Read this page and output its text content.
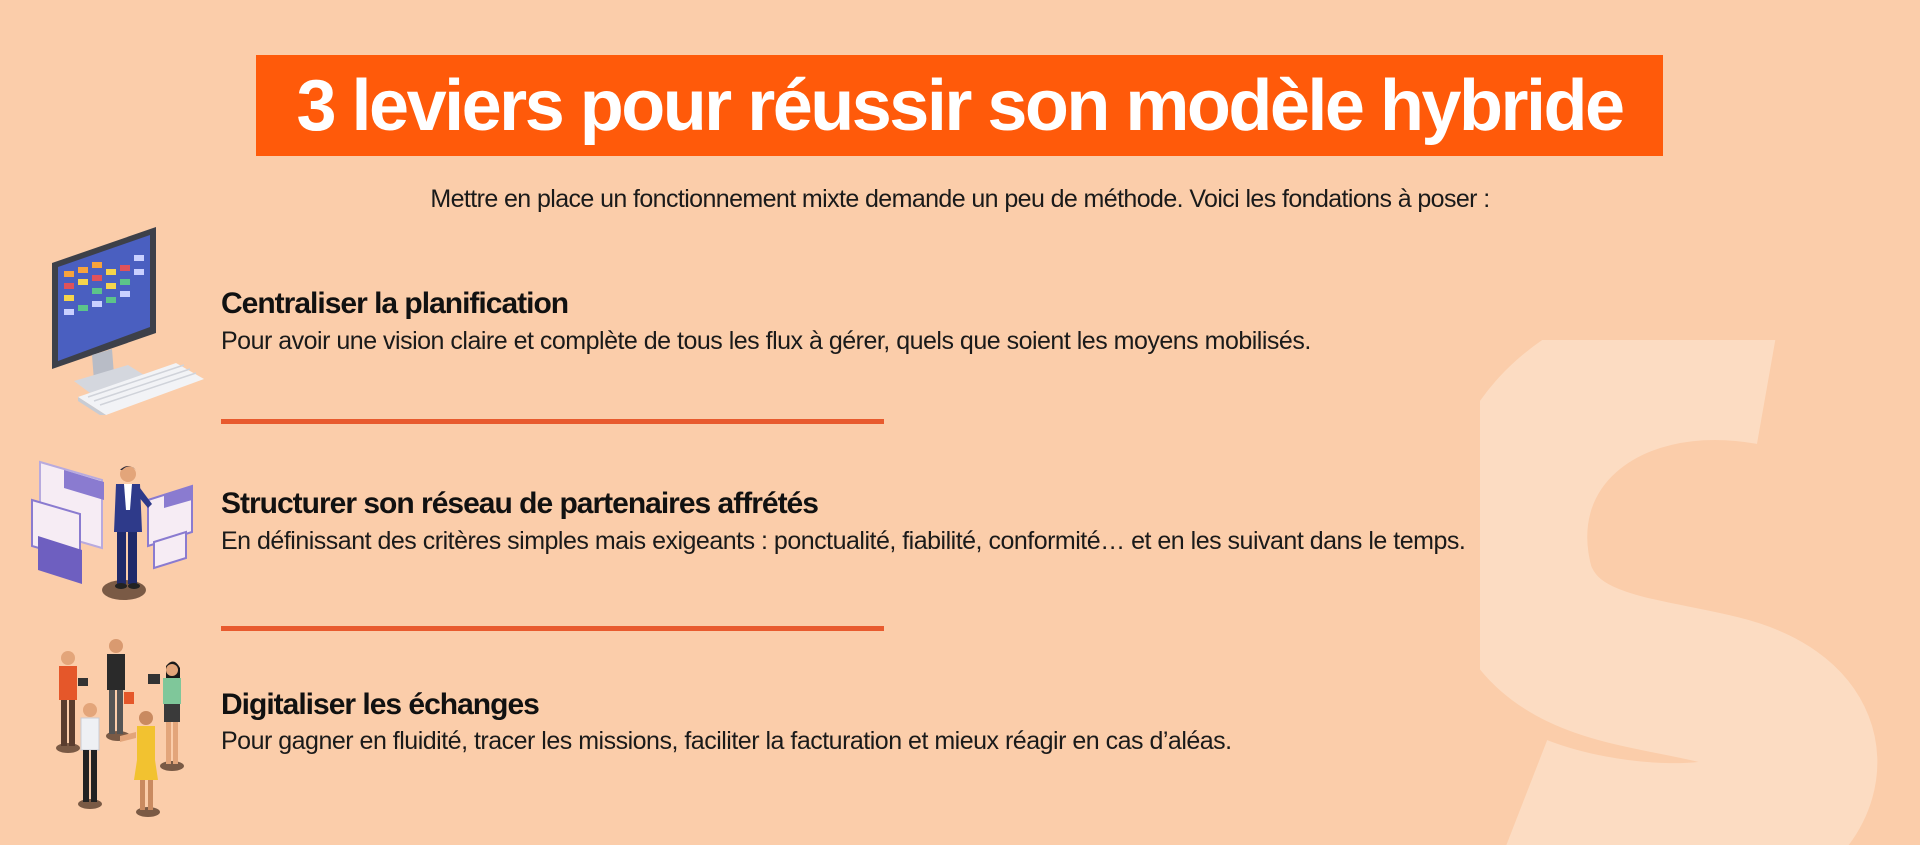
3 leviers pour réussir son modèle hybride

Mettre en place un fonctionnement mixte demande un peu de méthode. Voici les fondations à poser :

Centraliser la planification

Pour avoir une vision claire et complète de tous les flux à gérer, quels que soient les moyens mobilisés.

Structurer son réseau de partenaires affrétés

En définissant des critères simples mais exigeants : ponctualité, fiabilité, conformité… et en les suivant dans le temps.

Digitaliser les échanges

Pour gagner en fluidité, tracer les missions, faciliter la facturation et mieux réagir en cas d’aléas.
